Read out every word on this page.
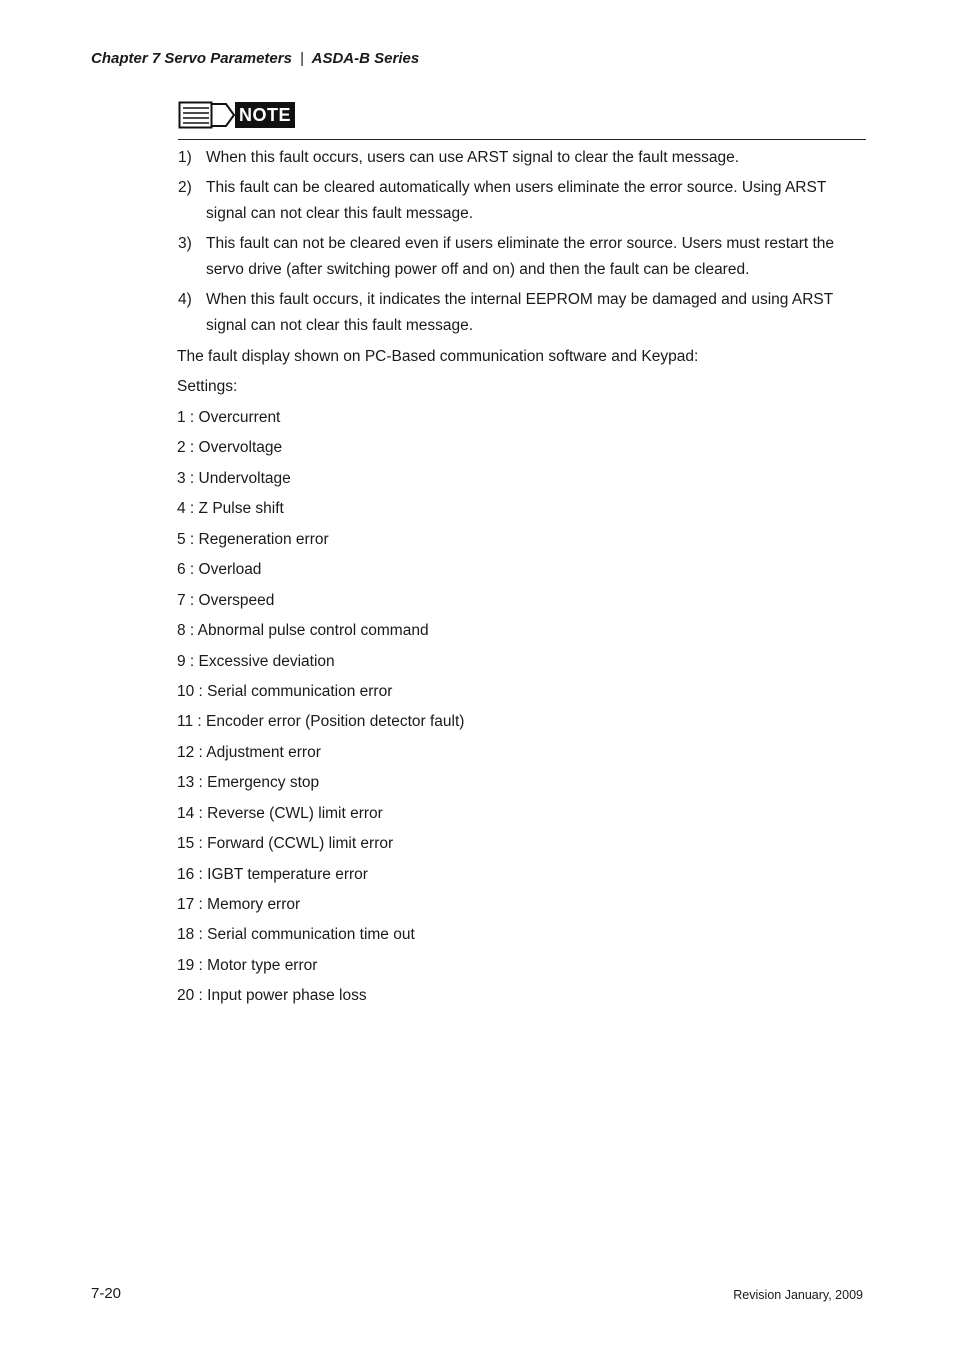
Chapter 7 Servo Parameters | ASDA-B Series
NOTE
1) When this fault occurs, users can use ARST signal to clear the fault message.
2) This fault can be cleared automatically when users eliminate the error source. Using ARST signal can not clear this fault message.
3) This fault can not be cleared even if users eliminate the error source. Users must restart the servo drive (after switching power off and on) and then the fault can be cleared.
4) When this fault occurs, it indicates the internal EEPROM may be damaged and using ARST signal can not clear this fault message.
The fault display shown on PC-Based communication software and Keypad:
Settings:
1 : Overcurrent
2 : Overvoltage
3 : Undervoltage
4 : Z Pulse shift
5 : Regeneration error
6 : Overload
7 : Overspeed
8 : Abnormal pulse control command
9 : Excessive deviation
10 : Serial communication error
11 : Encoder error (Position detector fault)
12 : Adjustment error
13 : Emergency stop
14 : Reverse (CWL) limit error
15 : Forward (CCWL) limit error
16 : IGBT temperature error
17 : Memory error
18 : Serial communication time out
19 : Motor type error
20 : Input power phase loss
7-20	Revision January, 2009
